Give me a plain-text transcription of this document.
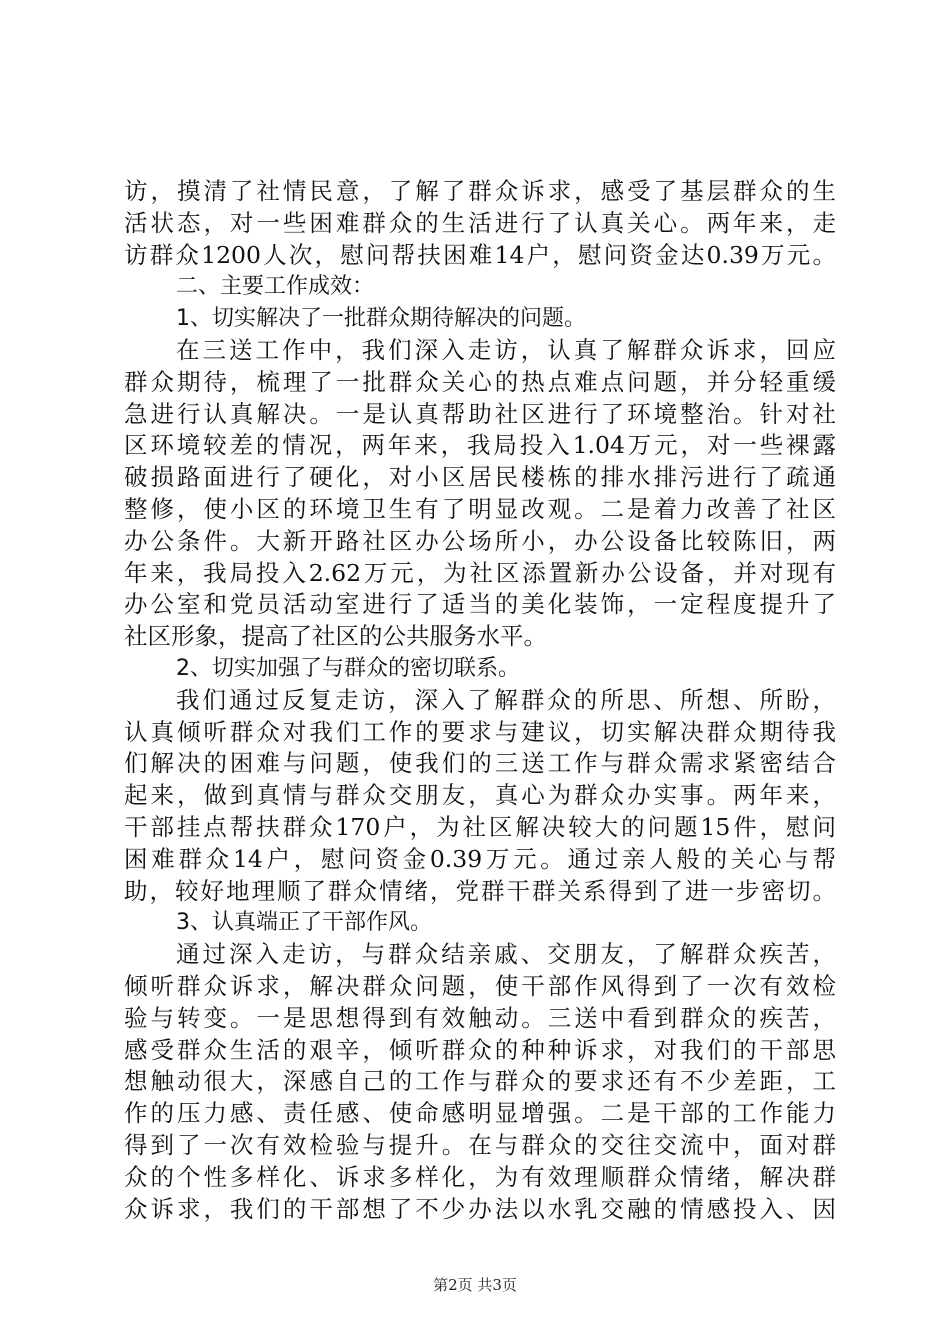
访，摸清了社情民意，了解了群众诉求，感受了基层群众的生
活状态，对一些困难群众的生活进行了认真关心。两年来，走
访群众1200人次，慰问帮扶困难14户，慰问资金达0.39万元。
二、主要工作成效：
1、切实解决了一批群众期待解决的问题。
在三送工作中，我们深入走访，认真了解群众诉求，回应
群众期待，梳理了一批群众关心的热点难点问题，并分轻重缓
急进行认真解决。一是认真帮助社区进行了环境整治。针对社
区环境较差的情况，两年来，我局投入1.04万元，对一些裸露
破损路面进行了硬化，对小区居民楼栋的排水排污进行了疏通
整修，使小区的环境卫生有了明显改观。二是着力改善了社区
办公条件。大新开路社区办公场所小，办公设备比较陈旧，两
年来，我局投入2.62万元，为社区添置新办公设备，并对现有
办公室和党员活动室进行了适当的美化装饰，一定程度提升了
社区形象，提高了社区的公共服务水平。
2、切实加强了与群众的密切联系。
我们通过反复走访，深入了解群众的所思、所想、所盼，
认真倾听群众对我们工作的要求与建议，切实解决群众期待我
们解决的困难与问题，使我们的三送工作与群众需求紧密结合
起来，做到真情与群众交朋友，真心为群众办实事。两年来，
干部挂点帮扶群众170户，为社区解决较大的问题15件，慰问
困难群众14户，慰问资金0.39万元。通过亲人般的关心与帮
助，较好地理顺了群众情绪，党群干群关系得到了进一步密切。
3、认真端正了干部作风。
通过深入走访，与群众结亲戚、交朋友，了解群众疾苦，
倾听群众诉求，解决群众问题，使干部作风得到了一次有效检
验与转变。一是思想得到有效触动。三送中看到群众的疾苦，
感受群众生活的艰辛，倾听群众的种种诉求，对我们的干部思
想触动很大，深感自己的工作与群众的要求还有不少差距，工
作的压力感、责任感、使命感明显增强。二是干部的工作能力
得到了一次有效检验与提升。在与群众的交往交流中，面对群
众的个性多样化、诉求多样化，为有效理顺群众情绪，解决群
众诉求，我们的干部想了不少办法以水乳交融的情感投入、因
第2页 共3页
